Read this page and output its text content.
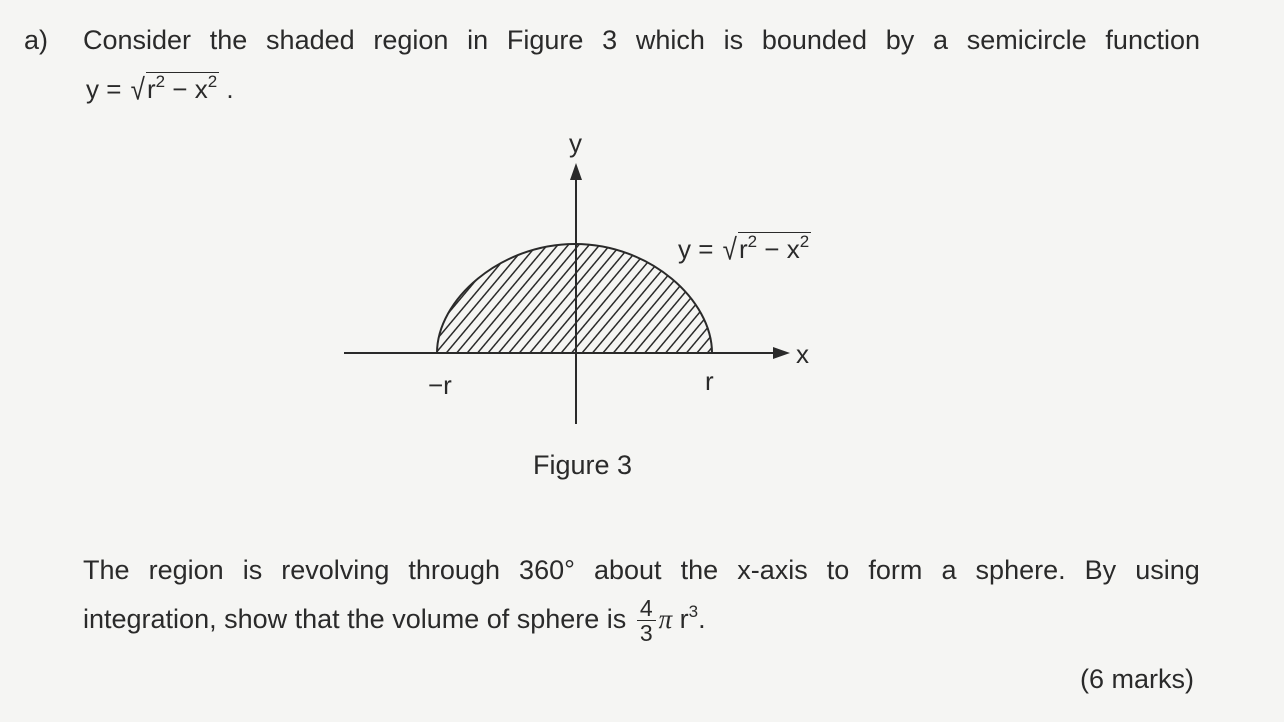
a) Consider the shaded region in Figure 3 which is bounded by a semicircle function
$y = √r^2 - x^2$ .
y
x
−r	r
$y = √r^2 - x^2$
Figure 3
The region is revolving through 360° about the x-axis to form a sphere. By using
integration, show that the volume of sphere is $\frac{4}{3}$ π $r^3$.
(6 marks)
